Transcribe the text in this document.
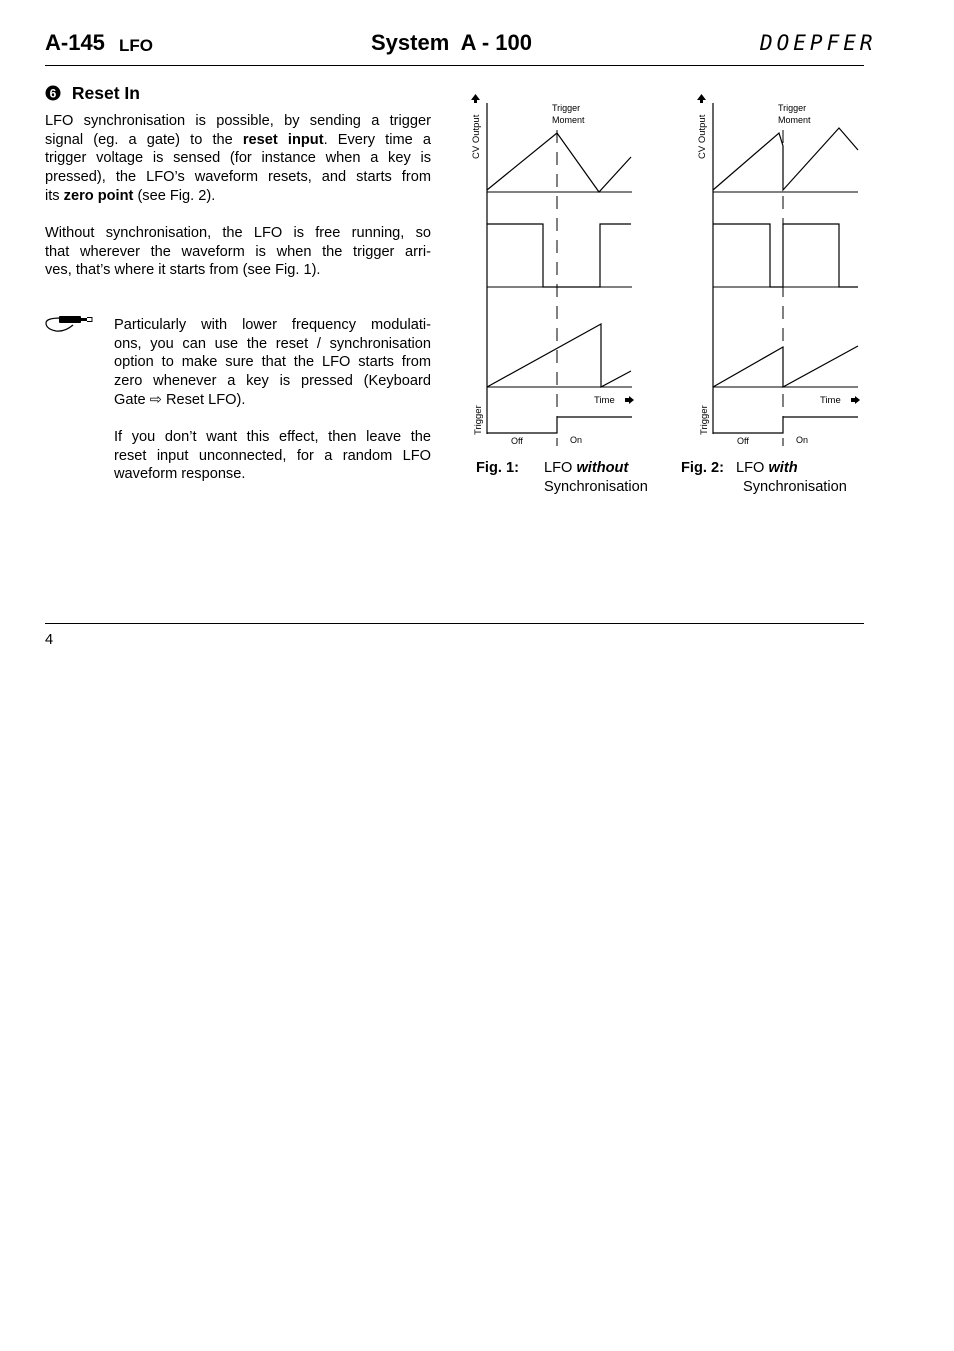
A-145 LFO	System  A - 100	DOEPFER
6 Reset In
LFO synchronisation is possible, by sending a trigger
signal (eg. a gate) to the reset input. Every time a
trigger voltage is sensed (for instance when a key is
pressed), the LFO’s waveform resets, and starts from
its zero point (see Fig. 2).
Without synchronisation, the LFO is free running, so
that wherever the waveform is when the trigger arri-
ves, that’s where it starts from (see Fig. 1).
Particularly with lower frequency modulati-
ons, you can use the reset / synchronisation
option to make sure that the LFO starts from
zero whenever a key is pressed (Keyboard
Gate ⇨ Reset LFO).
If you don’t want this effect, then leave the
reset input unconnected, for a random LFO
waveform response.
CV Output
Trigger
Trigger
Moment
Time
Off	On
CV Output
Trigger
Trigger
Moment
Time
Off	On
Fig. 1: LFO without
Synchronisation
Fig. 2: LFO with
Synchronisation
4
